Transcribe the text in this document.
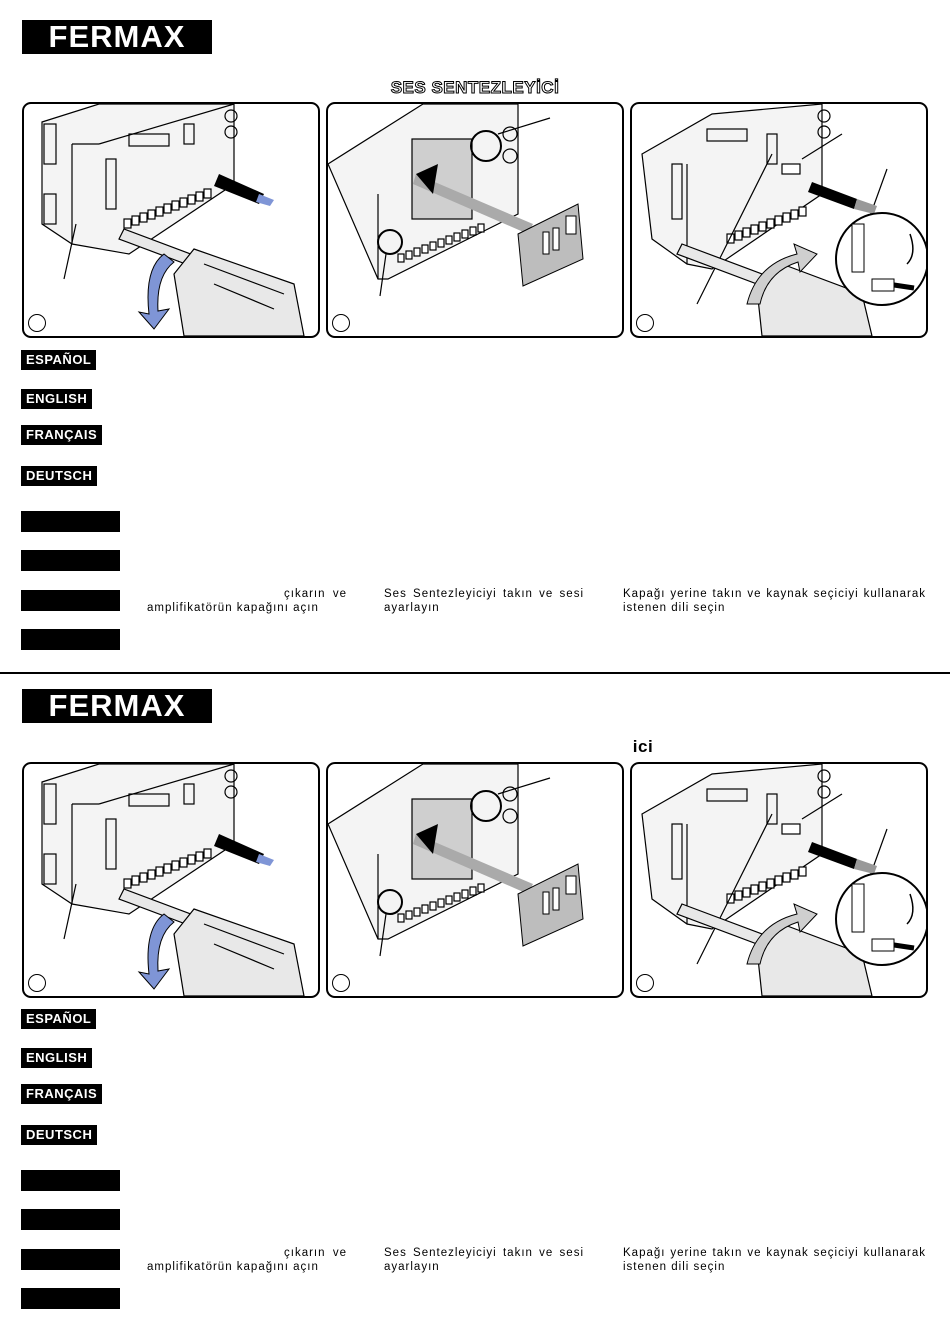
FERMAX
SES SENTEZLEYİCİ
ESPAÑOL
ENGLISH
FRANÇAIS
DEUTSCH
çıkarın ve amplifikatörün kapağını açın
Ses Sentezleyiciyi takın ve sesi ayarlayın
Kapağı yerine takın ve kaynak seçiciyi kullanarak istenen dili seçin
FERMAX
ici
ESPAÑOL
ENGLISH
FRANÇAIS
DEUTSCH
çıkarın ve amplifikatörün kapağını açın
Ses Sentezleyiciyi takın ve sesi ayarlayın
Kapağı yerine takın ve kaynak seçiciyi kullanarak istenen dili seçin
